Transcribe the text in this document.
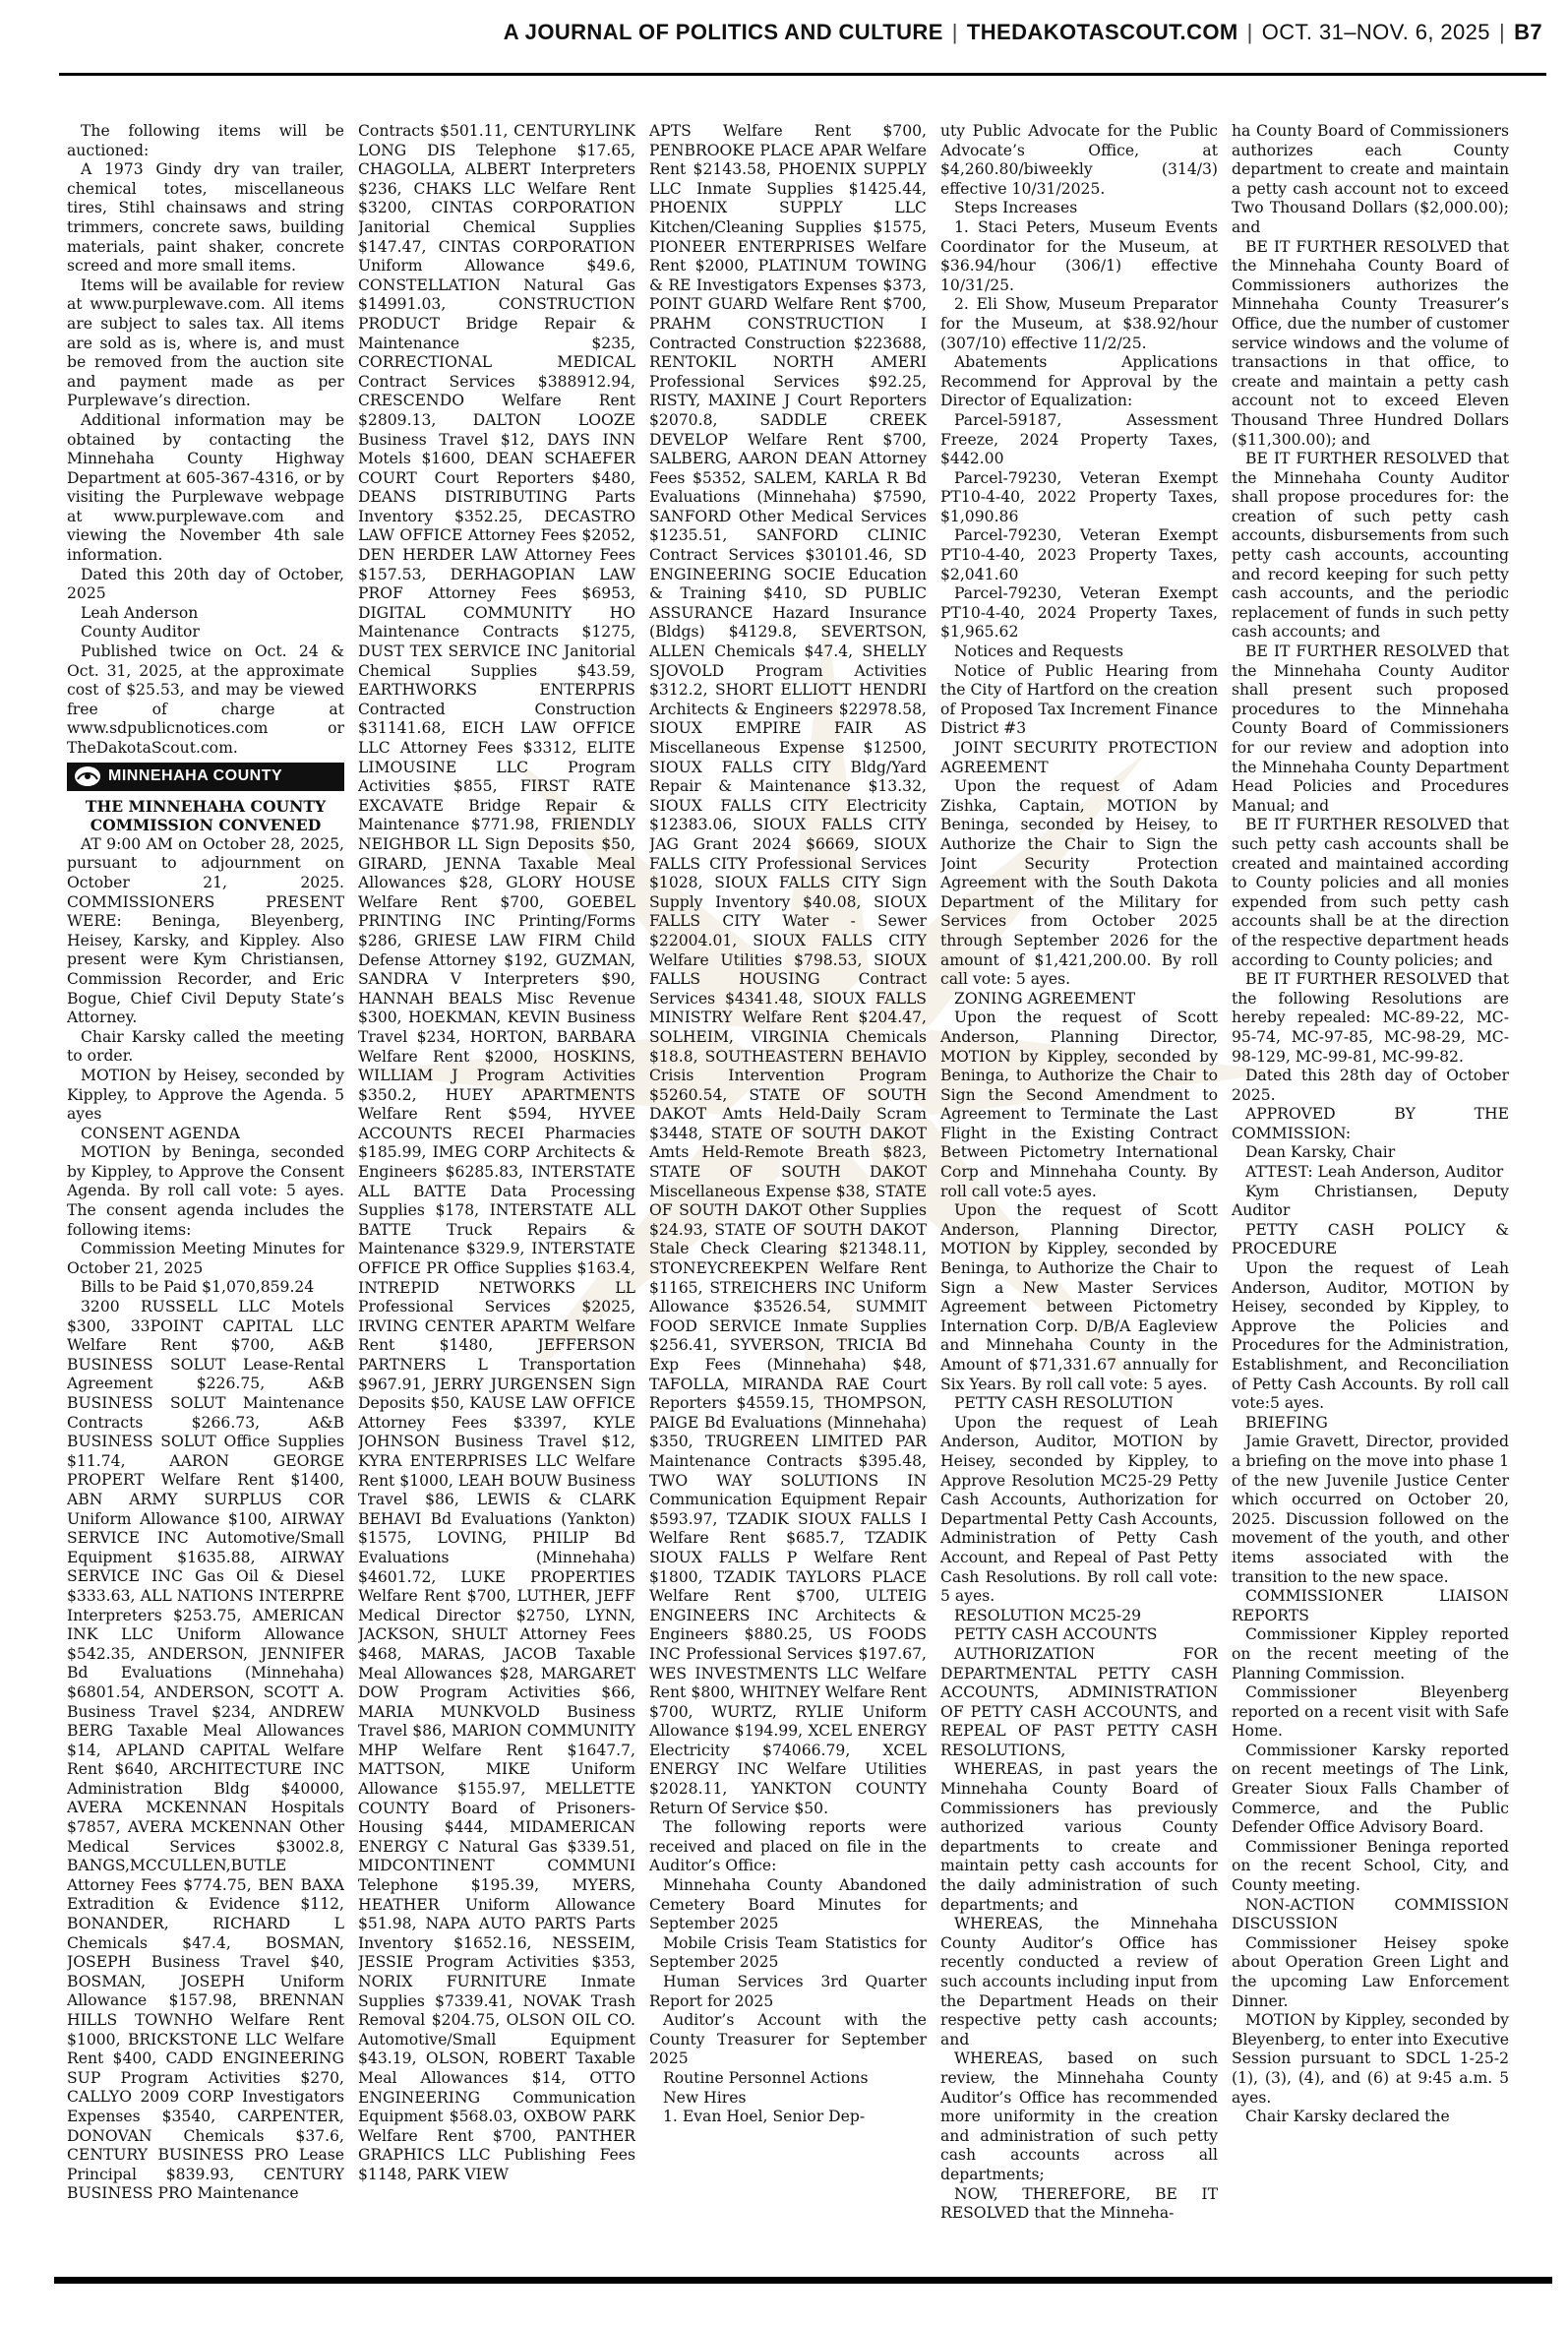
A JOURNAL OF POLITICS AND CULTURE | THEDAKOTASCOUT.COM | OCT. 31–NOV. 6, 2025 | B7

The following items will be auctioned:

A 1973 Gindy dry van trailer, chemical totes, miscellaneous tires, Stihl chainsaws and string trimmers, concrete saws, building materials, paint shaker, concrete screed and more small items.

Items will be available for review at www.purplewave.com. All items are subject to sales tax. All items are sold as is, where is, and must be removed from the auction site and payment made as per Purplewave’s direction.

Additional information may be obtained by contacting the Minnehaha County Highway Department at 605-367-4316, or by visiting the Purplewave webpage at www.purplewave.com and viewing the November 4th sale information.

Dated this 20th day of October, 2025

Leah Anderson

County Auditor

Published twice on Oct. 24 & Oct. 31, 2025, at the approximate cost of $25.53, and may be viewed free of charge at www.sdpublicnotices.com or TheDakotaScout.com.

MINNEHAHA COUNTY

THE MINNEHAHA COUNTY COMMISSION CONVENED

AT 9:00 AM on October 28, 2025, pursuant to adjournment on October 21, 2025. COMMISSIONERS PRESENT WERE: Beninga, Bleyenberg, Heisey, Karsky, and Kippley. Also present were Kym Christiansen, Commission Recorder, and Eric Bogue, Chief Civil Deputy State’s Attorney.

Chair Karsky called the meeting to order.

MOTION by Heisey, seconded by Kippley, to Approve the Agenda. 5 ayes

CONSENT AGENDA

MOTION by Beninga, seconded by Kippley, to Approve the Consent Agenda. By roll call vote: 5 ayes. The consent agenda includes the following items:

Commission Meeting Minutes for October 21, 2025

Bills to be Paid $1,070,859.24

3200 RUSSELL LLC Motels $300, 33POINT CAPITAL LLC Welfare Rent $700, A&B BUSINESS SOLUT Lease-Rental Agreement $226.75, A&B BUSINESS SOLUT Maintenance Contracts $266.73, A&B BUSINESS SOLUT Office Supplies $11.74, AARON GEORGE PROPERT Welfare Rent $1400, ABN ARMY SURPLUS COR Uniform Allowance $100, AIRWAY SERVICE INC Automotive/Small Equipment $1635.88, AIRWAY SERVICE INC Gas Oil & Diesel $333.63, ALL NATIONS INTERPRE Interpreters $253.75, AMERICAN INK LLC Uniform Allowance $542.35, ANDERSON, JENNIFER Bd Evaluations (Minnehaha) $6801.54, ANDERSON, SCOTT A. Business Travel $234, ANDREW BERG Taxable Meal Allowances $14, APLAND CAPITAL Welfare Rent $640, ARCHITECTURE INC Administration Bldg $40000, AVERA MCKENNAN Hospitals $7857, AVERA MCKENNAN Other Medical Services $3002.8, BANGS,MCCULLEN,BUTLE Attorney Fees $774.75, BEN BAXA Extradition & Evidence $112, BONANDER, RICHARD L Chemicals $47.4, BOSMAN, JOSEPH Business Travel $40, BOSMAN, JOSEPH Uniform Allowance $157.98, BRENNAN HILLS TOWNHO Welfare Rent $1000, BRICKSTONE LLC Welfare Rent $400, CADD ENGINEERING SUP Program Activities $270, CALLYO 2009 CORP Investigators Expenses $3540, CARPENTER, DONOVAN Chemicals $37.6, CENTURY BUSINESS PRO Lease Principal $839.93, CENTURY BUSINESS PRO Maintenance

Contracts $501.11, CENTURYLINK LONG DIS Telephone $17.65, CHAGOLLA, ALBERT Interpreters $236, CHAKS LLC Welfare Rent $3200, CINTAS CORPORATION Janitorial Chemical Supplies $147.47, CINTAS CORPORATION Uniform Allowance $49.6, CONSTELLATION Natural Gas $14991.03, CONSTRUCTION PRODUCT Bridge Repair & Maintenance $235, CORRECTIONAL MEDICAL Contract Services $388912.94, CRESCENDO Welfare Rent $2809.13, DALTON LOOZE Business Travel $12, DAYS INN Motels $1600, DEAN SCHAEFER COURT Court Reporters $480, DEANS DISTRIBUTING Parts Inventory $352.25, DECASTRO LAW OFFICE Attorney Fees $2052, DEN HERDER LAW Attorney Fees $157.53, DERHAGOPIAN LAW PROF Attorney Fees $6953, DIGITAL COMMUNITY HO Maintenance Contracts $1275, DUST TEX SERVICE INC Janitorial Chemical Supplies $43.59, EARTHWORKS ENTERPRIS Contracted Construction $31141.68, EICH LAW OFFICE LLC Attorney Fees $3312, ELITE LIMOUSINE LLC Program Activities $855, FIRST RATE EXCAVATE Bridge Repair & Maintenance $771.98, FRIENDLY NEIGHBOR LL Sign Deposits $50, GIRARD, JENNA Taxable Meal Allowances $28, GLORY HOUSE Welfare Rent $700, GOEBEL PRINTING INC Printing/Forms $286, GRIESE LAW FIRM Child Defense Attorney $192, GUZMAN, SANDRA V Interpreters $90, HANNAH BEALS Misc Revenue $300, HOEKMAN, KEVIN Business Travel $234, HORTON, BARBARA Welfare Rent $2000, HOSKINS, WILLIAM J Program Activities $350.2, HUEY APARTMENTS Welfare Rent $594, HYVEE ACCOUNTS RECEI Pharmacies $185.99, IMEG CORP Architects & Engineers $6285.83, INTERSTATE ALL BATTE Data Processing Supplies $178, INTERSTATE ALL BATTE Truck Repairs & Maintenance $329.9, INTERSTATE OFFICE PR Office Supplies $163.4, INTREPID NETWORKS LL Professional Services $2025, IRVING CENTER APARTM Welfare Rent $1480, JEFFERSON PARTNERS L Transportation $967.91, JERRY JURGENSEN Sign Deposits $50, KAUSE LAW OFFICE Attorney Fees $3397, KYLE JOHNSON Business Travel $12, KYRA ENTERPRISES LLC Welfare Rent $1000, LEAH BOUW Business Travel $86, LEWIS & CLARK BEHAVI Bd Evaluations (Yankton) $1575, LOVING, PHILIP Bd Evaluations (Minnehaha) $4601.72, LUKE PROPERTIES Welfare Rent $700, LUTHER, JEFF Medical Director $2750, LYNN, JACKSON, SHULT Attorney Fees $468, MARAS, JACOB Taxable Meal Allowances $28, MARGARET DOW Program Activities $66, MARIA MUNKVOLD Business Travel $86, MARION COMMUNITY MHP Welfare Rent $1647.7, MATTSON, MIKE Uniform Allowance $155.97, MELLETTE COUNTY Board of Prisoners-Housing $444, MIDAMERICAN ENERGY C Natural Gas $339.51, MIDCONTINENT COMMUNI Telephone $195.39, MYERS, HEATHER Uniform Allowance $51.98, NAPA AUTO PARTS Parts Inventory $1652.16, NESSEIM, JESSIE Program Activities $353, NORIX FURNITURE Inmate Supplies $7339.41, NOVAK Trash Removal $204.75, OLSON OIL CO. Automotive/Small Equipment $43.19, OLSON, ROBERT Taxable Meal Allowances $14, OTTO ENGINEERING Communication Equipment $568.03, OXBOW PARK Welfare Rent $700, PANTHER GRAPHICS LLC Publishing Fees $1148, PARK VIEW

APTS Welfare Rent $700, PENBROOKE PLACE APAR Welfare Rent $2143.58, PHOENIX SUPPLY LLC Inmate Supplies $1425.44, PHOENIX SUPPLY LLC Kitchen/Cleaning Supplies $1575, PIONEER ENTERPRISES Welfare Rent $2000, PLATINUM TOWING & RE Investigators Expenses $373, POINT GUARD Welfare Rent $700, PRAHM CONSTRUCTION I Contracted Construction $223688, RENTOKIL NORTH AMERI Professional Services $92.25, RISTY, MAXINE J Court Reporters $2070.8, SADDLE CREEK DEVELOP Welfare Rent $700, SALBERG, AARON DEAN Attorney Fees $5352, SALEM, KARLA R Bd Evaluations (Minnehaha) $7590, SANFORD Other Medical Services $1235.51, SANFORD CLINIC Contract Services $30101.46, SD ENGINEERING SOCIE Education & Training $410, SD PUBLIC ASSURANCE Hazard Insurance (Bldgs) $4129.8, SEVERTSON, ALLEN Chemicals $47.4, SHELLY SJOVOLD Program Activities $312.2, SHORT ELLIOTT HENDRI Architects & Engineers $22978.58, SIOUX EMPIRE FAIR AS Miscellaneous Expense $12500, SIOUX FALLS CITY Bldg/Yard Repair & Maintenance $13.32, SIOUX FALLS CITY Electricity $12383.06, SIOUX FALLS CITY JAG Grant 2024 $6669, SIOUX FALLS CITY Professional Services $1028, SIOUX FALLS CITY Sign Supply Inventory $40.08, SIOUX FALLS CITY Water - Sewer $22004.01, SIOUX FALLS CITY Welfare Utilities $798.53, SIOUX FALLS HOUSING Contract Services $4341.48, SIOUX FALLS MINISTRY Welfare Rent $204.47, SOLHEIM, VIRGINIA Chemicals $18.8, SOUTHEASTERN BEHAVIO Crisis Intervention Program $5260.54, STATE OF SOUTH DAKOT Amts Held-Daily Scram $3448, STATE OF SOUTH DAKOT Amts Held-Remote Breath $823, STATE OF SOUTH DAKOT Miscellaneous Expense $38, STATE OF SOUTH DAKOT Other Supplies $24.93, STATE OF SOUTH DAKOT Stale Check Clearing $21348.11, STONEYCREEKPEN Welfare Rent $1165, STREICHERS INC Uniform Allowance $3526.54, SUMMIT FOOD SERVICE Inmate Supplies $256.41, SYVERSON, TRICIA Bd Exp Fees (Minnehaha) $48, TAFOLLA, MIRANDA RAE Court Reporters $4559.15, THOMPSON, PAIGE Bd Evaluations (Minnehaha) $350, TRUGREEN LIMITED PAR Maintenance Contracts $395.48, TWO WAY SOLUTIONS IN Communication Equipment Repair $593.97, TZADIK SIOUX FALLS I Welfare Rent $685.7, TZADIK SIOUX FALLS P Welfare Rent $1800, TZADIK TAYLORS PLACE Welfare Rent $700, ULTEIG ENGINEERS INC Architects & Engineers $880.25, US FOODS INC Professional Services $197.67, WES INVESTMENTS LLC Welfare Rent $800, WHITNEY Welfare Rent $700, WURTZ, RYLIE Uniform Allowance $194.99, XCEL ENERGY Electricity $74066.79, XCEL ENERGY INC Welfare Utilities $2028.11, YANKTON COUNTY Return Of Service $50.

The following reports were received and placed on file in the Auditor’s Office:

Minnehaha County Abandoned Cemetery Board Minutes for September 2025

Mobile Crisis Team Statistics for September 2025

Human Services 3rd Quarter Report for 2025

Auditor’s Account with the County Treasurer for September 2025

Routine Personnel Actions

New Hires

1. Evan Hoel, Senior Dep-

uty Public Advocate for the Public Advocate’s Office, at $4,260.80/biweekly (314/3) effective 10/31/2025.

Steps Increases

1. Staci Peters, Museum Events Coordinator for the Museum, at $36.94/hour (306/1) effective 10/31/25.

2. Eli Show, Museum Preparator for the Museum, at $38.92/hour (307/10) effective 11/2/25.

Abatements Applications Recommend for Approval by the Director of Equalization:

Parcel-59187, Assessment Freeze, 2024 Property Taxes, $442.00

Parcel-79230, Veteran Exempt PT10-4-40, 2022 Property Taxes, $1,090.86

Parcel-79230, Veteran Exempt PT10-4-40, 2023 Property Taxes, $2,041.60

Parcel-79230, Veteran Exempt PT10-4-40, 2024 Property Taxes, $1,965.62

Notices and Requests

Notice of Public Hearing from the City of Hartford on the creation of Proposed Tax Increment Finance District #3

JOINT SECURITY PROTECTION AGREEMENT

Upon the request of Adam Zishka, Captain, MOTION by Beninga, seconded by Heisey, to Authorize the Chair to Sign the Joint Security Protection Agreement with the South Dakota Department of the Military for Services from October 2025 through September 2026 for the amount of $1,421,200.00. By roll call vote: 5 ayes.

ZONING AGREEMENT

Upon the request of Scott Anderson, Planning Director, MOTION by Kippley, seconded by Beninga, to Authorize the Chair to Sign the Second Amendment to Agreement to Terminate the Last Flight in the Existing Contract Between Pictometry International Corp and Minnehaha County. By roll call vote:5 ayes.

Upon the request of Scott Anderson, Planning Director, MOTION by Kippley, seconded by Beninga, to Authorize the Chair to Sign a New Master Services Agreement between Pictometry Internation Corp. D/B/A Eagleview and Minnehaha County in the Amount of $71,331.67 annually for Six Years. By roll call vote: 5 ayes.

PETTY CASH RESOLUTION

Upon the request of Leah Anderson, Auditor, MOTION by Heisey, seconded by Kippley, to Approve Resolution MC25-29 Petty Cash Accounts, Authorization for Departmental Petty Cash Accounts, Administration of Petty Cash Account, and Repeal of Past Petty Cash Resolutions. By roll call vote: 5 ayes.

RESOLUTION MC25-29

PETTY CASH ACCOUNTS

AUTHORIZATION FOR DEPARTMENTAL PETTY CASH ACCOUNTS, ADMINISTRATION OF PETTY CASH ACCOUNTS, and REPEAL OF PAST PETTY CASH RESOLUTIONS,

WHEREAS, in past years the Minnehaha County Board of Commissioners has previously authorized various County departments to create and maintain petty cash accounts for the daily administration of such departments; and

WHEREAS, the Minnehaha County Auditor’s Office has recently conducted a review of such accounts including input from the Department Heads on their respective petty cash accounts; and

WHEREAS, based on such review, the Minnehaha County Auditor’s Office has recommended more uniformity in the creation and administration of such petty cash accounts across all departments;

NOW, THEREFORE, BE IT RESOLVED that the Minneha-

ha County Board of Commissioners authorizes each County department to create and maintain a petty cash account not to exceed Two Thousand Dollars ($2,000.00); and

BE IT FURTHER RESOLVED that the Minnehaha County Board of Commissioners authorizes the Minnehaha County Treasurer’s Office, due the number of customer service windows and the volume of transactions in that office, to create and maintain a petty cash account not to exceed Eleven Thousand Three Hundred Dollars ($11,300.00); and

BE IT FURTHER RESOLVED that the Minnehaha County Auditor shall propose procedures for: the creation of such petty cash accounts, disbursements from such petty cash accounts, accounting and record keeping for such petty cash accounts, and the periodic replacement of funds in such petty cash accounts; and

BE IT FURTHER RESOLVED that the Minnehaha County Auditor shall present such proposed procedures to the Minnehaha County Board of Commissioners for our review and adoption into the Minnehaha County Department Head Policies and Procedures Manual; and

BE IT FURTHER RESOLVED that such petty cash accounts shall be created and maintained according to County policies and all monies expended from such petty cash accounts shall be at the direction of the respective department heads according to County policies; and

BE IT FURTHER RESOLVED that the following Resolutions are hereby repealed: MC-89-22, MC-95-74, MC-97-85, MC-98-29, MC-98-129, MC-99-81, MC-99-82.

Dated this 28th day of October 2025.

APPROVED BY THE COMMISSION:

Dean Karsky, Chair

ATTEST: Leah Anderson, Auditor

Kym Christiansen, Deputy Auditor

PETTY CASH POLICY & PROCEDURE

Upon the request of Leah Anderson, Auditor, MOTION by Heisey, seconded by Kippley, to Approve the Policies and Procedures for the Administration, Establishment, and Reconciliation of Petty Cash Accounts. By roll call vote:5 ayes.

BRIEFING

Jamie Gravett, Director, provided a briefing on the move into phase 1 of the new Juvenile Justice Center which occurred on October 20, 2025. Discussion followed on the movement of the youth, and other items associated with the transition to the new space.

COMMISSIONER LIAISON REPORTS

Commissioner Kippley reported on the recent meeting of the Planning Commission.

Commissioner Bleyenberg reported on a recent visit with Safe Home.

Commissioner Karsky reported on recent meetings of The Link, Greater Sioux Falls Chamber of Commerce, and the Public Defender Office Advisory Board.

Commissioner Beninga reported on the recent School, City, and County meeting.

NON-ACTION COMMISSION DISCUSSION

Commissioner Heisey spoke about Operation Green Light and the upcoming Law Enforcement Dinner.

MOTION by Kippley, seconded by Bleyenberg, to enter into Executive Session pursuant to SDCL 1-25-2 (1), (3), (4), and (6) at 9:45 a.m. 5 ayes.

Chair Karsky declared the
